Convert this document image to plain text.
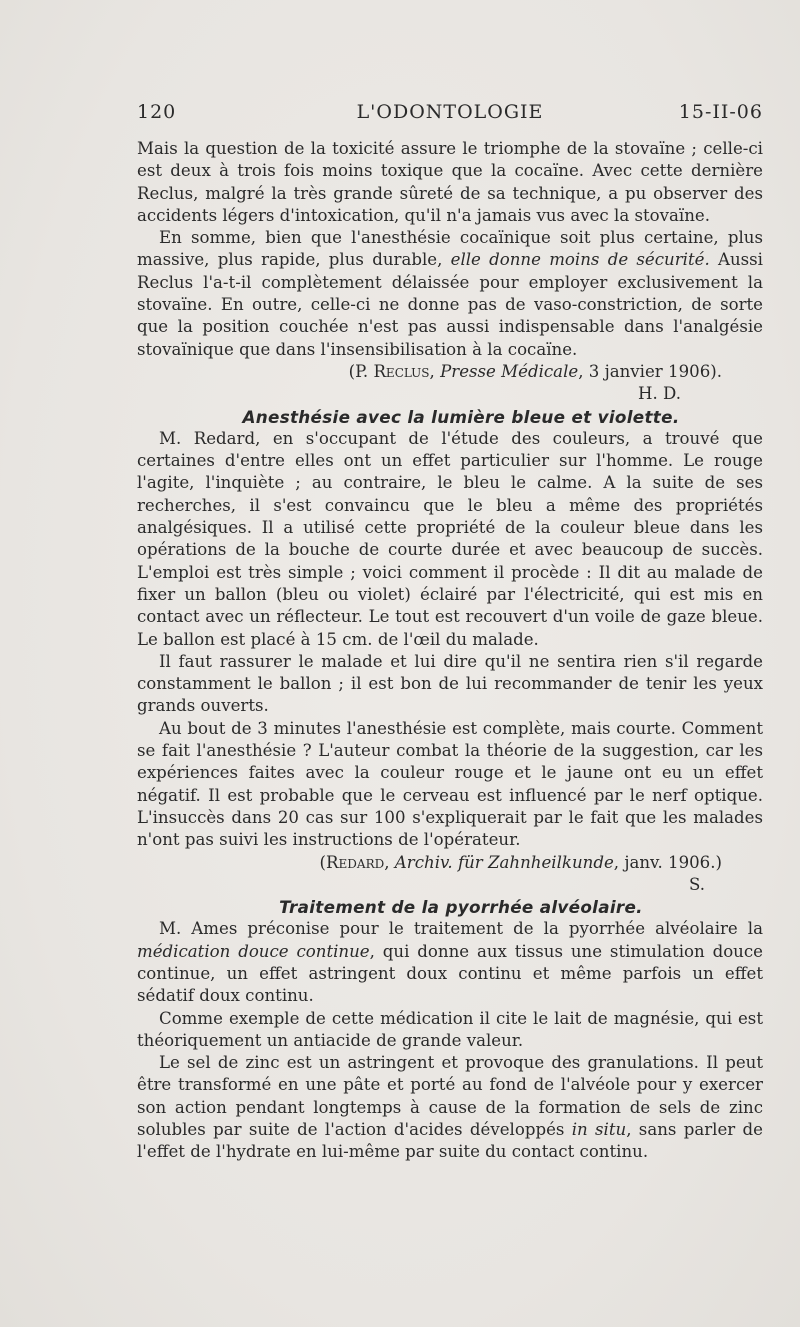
120	L'ODONTOLOGIE	15-II-06

Mais la question de la toxicité assure le triomphe de la stovaïne ; celle-ci est deux à trois fois moins toxique que la cocaïne. Avec cette dernière Reclus, malgré la très grande sûreté de sa technique, a pu observer des accidents légers d'intoxication, qu'il n'a jamais vus avec la stovaïne.

En somme, bien que l'anesthésie cocaïnique soit plus certaine, plus massive, plus rapide, plus durable, elle donne moins de sécurité. Aussi Reclus l'a-t-il complètement délaissée pour employer exclusivement la stovaïne. En outre, celle-ci ne donne pas de vaso-constriction, de sorte que la position couchée n'est pas aussi indispensable dans l'analgésie stovaïnique que dans l'insensibilisation à la cocaïne.

(P. Reclus, Presse Médicale, 3 janvier 1906).

H. D.

Anesthésie avec la lumière bleue et violette.

M. Redard, en s'occupant de l'étude des couleurs, a trouvé que certaines d'entre elles ont un effet particulier sur l'homme. Le rouge l'agite, l'inquiète ; au contraire, le bleu le calme. A la suite de ses recherches, il s'est convaincu que le bleu a même des propriétés analgésiques. Il a utilisé cette propriété de la couleur bleue dans les opérations de la bouche de courte durée et avec beaucoup de succès. L'emploi est très simple ; voici comment il procède : Il dit au malade de fixer un ballon (bleu ou violet) éclairé par l'électricité, qui est mis en contact avec un réflecteur. Le tout est recouvert d'un voile de gaze bleue. Le ballon est placé à 15 cm. de l'œil du malade.

Il faut rassurer le malade et lui dire qu'il ne sentira rien s'il regarde constamment le ballon ; il est bon de lui recommander de tenir les yeux grands ouverts.

Au bout de 3 minutes l'anesthésie est complète, mais courte. Comment se fait l'anesthésie ? L'auteur combat la théorie de la suggestion, car les expériences faites avec la couleur rouge et le jaune ont eu un effet négatif. Il est probable que le cerveau est influencé par le nerf optique. L'insuccès dans 20 cas sur 100 s'expliquerait par le fait que les malades n'ont pas suivi les instructions de l'opérateur.

(Redard, Archiv. für Zahnheilkunde, janv. 1906.)

S.

Traitement de la pyorrhée alvéolaire.

M. Ames préconise pour le traitement de la pyorrhée alvéolaire la médication douce continue, qui donne aux tissus une stimulation douce continue, un effet astringent doux continu et même parfois un effet sédatif doux continu.

Comme exemple de cette médication il cite le lait de magnésie, qui est théoriquement un antiacide de grande valeur.

Le sel de zinc est un astringent et provoque des granulations. Il peut être transformé en une pâte et porté au fond de l'alvéole pour y exercer son action pendant longtemps à cause de la formation de sels de zinc solubles par suite de l'action d'acides développés in situ, sans parler de l'effet de l'hydrate en lui-même par suite du contact continu.
